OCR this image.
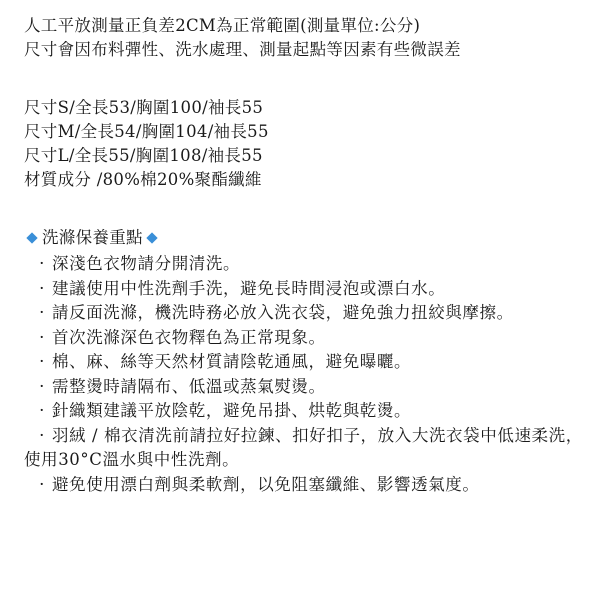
人工平放測量正負差2CM為正常範圍(測量單位:公分)
尺寸會因布料彈性、洗水處理、測量起點等因素有些微誤差
尺寸S/全長53/胸圍100/袖長55
尺寸M/全長54/胸圍104/袖長55
尺寸L/全長55/胸圍108/袖長55
材質成分 /80%棉20%聚酯纖維
洗滌保養重點
· 深淺色衣物請分開清洗。
· 建議使用中性洗劑手洗，避免長時間浸泡或漂白水。
· 請反面洗滌，機洗時務必放入洗衣袋，避免強力扭絞與摩擦。
· 首次洗滌深色衣物釋色為正常現象。
· 棉、麻、絲等天然材質請陰乾通風，避免曝曬。
· 需整燙時請隔布、低溫或蒸氣熨燙。
· 針織類建議平放陰乾，避免吊掛、烘乾與乾燙。
· 羽絨 / 棉衣清洗前請拉好拉鍊、扣好扣子，放入大洗衣袋中低速柔洗，使用30°C溫水與中性洗劑。
· 避免使用漂白劑與柔軟劑，以免阻塞纖維、影響透氣度。
